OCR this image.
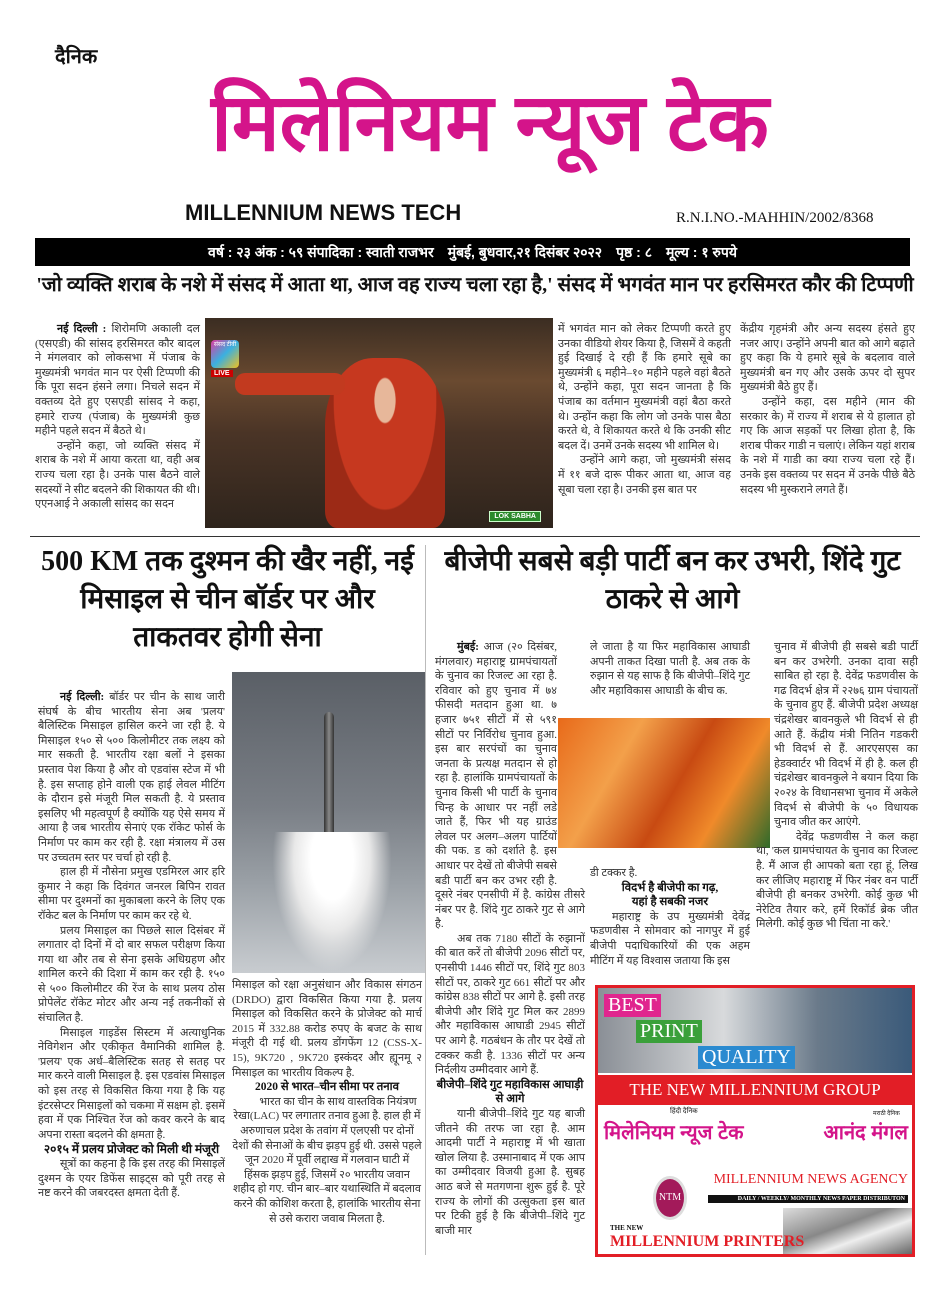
दैनिक
मिलेनियम न्यूज टेक
MILLENNIUM NEWS TECH	R.N.I.NO.-MAHHIN/2002/8368
वर्ष : २३ अंक : ५९ संपादिका : स्वाती राजभर मुंबई, बुधवार,२१ दिसंबर २०२२ पृष्ठ : ८ मूल्य : १ रुपये
'जो व्यक्ति शराब के नशे में संसद में आता था, आज वह राज्य चला रहा है,' संसद में भगवंत मान पर हरसिमरत कौर की टिप्पणी

नई दिल्ली : शिरोमणि अकाली दल (एसएडी) की सांसद हरसिमरत कौर बादल ने मंगलवार को लोकसभा में पंजाब के मुख्यमंत्री भगवंत मान पर ऐसी टिप्पणी की कि पूरा सदन हंसने लगा। निचले सदन में वक्तव्य देते हुए एसएडी सांसद ने कहा, हमारे राज्य (पंजाब) के मुख्यमंत्री कुछ महीने पहले सदन में बैठते थे।

उन्होंने कहा, जो व्यक्ति संसद में शराब के नशे में आया करता था, वही अब राज्य चला रहा है। उनके पास बैठने वाले सदस्यों ने सीट बदलने की शिकायत की थी। एएनआई ने अकाली सांसद का सदन

संसद टीवी
LIVE
LOK SABHA

में भगवंत मान को लेकर टिप्पणी करते हुए उनका वीडियो शेयर किया है, जिसमें वे कहती हुई दिखाई दे रही हैं कि हमारे सूबे का मुख्यमंत्री ६ महीने–१० महीने पहले वहां बैठते थे, उन्होंने कहा, पूरा सदन जानता है कि पंजाब का वर्तमान मुख्यमंत्री वहां बैठा करते थे। उन्होंन कहा कि लोग जो उनके पास बैठा करते थे, वे शिकायत करते थे कि उनकी सीट बदल दें। उनमें उनके सदस्य भी शामिल थे।

उन्होंने आगे कहा, जो मुख्यमंत्री संसद में ११ बजे दारू पीकर आता था, आज वह सूबा चला रहा है। उनकी इस बात पर

केंद्रीय गृहमंत्री और अन्य सदस्य हंसते हुए नजर आए। उन्होंने अपनी बात को आगे बढ़ाते हुए कहा कि ये हमारे सूबे के बदलाव वाले मुख्यमंत्री बन गए और उसके ऊपर दो सुपर मुख्यमंत्री बैठे हुए हैं।

उन्होंने कहा, दस महीने (मान की सरकार के) में राज्य में शराब से ये हालात हो गए कि आज सड़कों पर लिखा होता है, कि शराब पीकर गाडी न चलाएं। लेकिन यहां शराब के नशे में गाडी का क्या राज्य चला रहे हैं। उनके इस वक्तव्य पर सदन में उनके पीछे बैठे सदस्य भी मुस्कराने लगते हैं।

500 KM तक दुश्मन की खैर नहीं, नई मिसाइल से चीन बॉर्डर पर और ताकतवर होगी सेना

नई दिल्ली: बॉर्डर पर चीन के साथ जारी संघर्ष के बीच भारतीय सेना अब 'प्रलय' बैलिस्टिक मिसाइल हासिल करने जा रही है. ये मिसाइल १५० से ५०० किलोमीटर तक लक्ष्य को मार सकती है. भारतीय रक्षा बलों ने इसका प्रस्ताव पेश किया है और वो एडवांस स्टेज में भी है. इस सप्ताह होने वाली एक हाई लेवल मीटिंग के दौरान इसे मंजूरी मिल सकती है. ये प्रस्ताव इसलिए भी महत्वपूर्ण है क्योंकि यह ऐसे समय में आया है जब भारतीय सेनाएं एक रॉकेट फोर्स के निर्माण पर काम कर रही है. रक्षा मंत्रालय में उस पर उच्चतम स्तर पर चर्चा हो रही है.

हाल ही में नौसेना प्रमुख एडमिरल आर हरि कुमार ने कहा कि दिवंगत जनरल बिपिन रावत सीमा पर दुश्मनों का मुकाबला करने के लिए एक रॉकेट बल के निर्माण पर काम कर रहे थे.

प्रलय मिसाइल का पिछले साल दिसंबर में लगातार दो दिनों में दो बार सफल परीक्षण किया गया था और तब से सेना इसके अधिग्रहण और शामिल करने की दिशा में काम कर रही है. १५० से ५०० किलोमीटर की रेंज के साथ प्रलय ठोस प्रोपेलेंट रॉकेट मोटर और अन्य नई तकनीकों से संचालित है.

मिसाइल गाइडेंस सिस्टम में अत्याधुनिक नेविगेशन और एकीकृत वैमानिकी शामिल है. 'प्रलय' एक अर्ध–बैलिस्टिक सतह से सतह पर मार करने वाली मिसाइल है. इस एडवांस मिसाइल को इस तरह से विकसित किया गया है कि यह इंटरसेप्टर मिसाइलों को चकमा में सक्षम हो. इसमें हवा में एक निश्चित रेंज को कवर करने के बाद अपना रास्ता बदलने की क्षमता है.

२०१५ में प्रलय प्रोजेक्ट को मिली थी मंजूरी

सूत्रों का कहना है कि इस तरह की मिसाइलें दुश्मन के एयर डिफेंस साइट्स को पूरी तरह से नष्ट करने की जबरदस्त क्षमता देती हैं.

मिसाइल को रक्षा अनुसंधान और विकास संगठन (DRDO) द्वारा विकसित किया गया है. प्रलय मिसाइल को विकसित करने के प्रोजेक्ट को मार्च 2015 में 332.88 करोड रुपए के बजट के साथ मंजूरी दी गई थी. प्रलय डोंगफेंग 12 (CSS-X-15), 9K720 , 9K720 इस्कंदर और ह्यूनमू २ मिसाइल का भारतीय विकल्प है.

2020 से भारत–चीन सीमा पर तनाव

भारत का चीन के साथ वास्तविक नियंत्रण रेखा(LAC) पर लगातार तनाव हुआ है. हाल ही में अरुणाचल प्रदेश के तवांग में एलएसी पर दोनों देशों की सेनाओं के बीच झड़प हुई थी. उससे पहले जून 2020 में पूर्वी लद्दाख में गलवान घाटी में हिंसक झड़प हुई, जिसमें २० भारतीय जवान शहीद हो गए. चीन बार–बार यथास्थिति में बदलाव करने की कोशिश करता है, हालांकि भारतीय सेना से उसे करारा जवाब मिलता है.

बीजेपी सबसे बड़ी पार्टी बन कर उभरी, शिंदे गुट ठाकरे से आगे

मुंबई: आज (२० दिसंबर, मंगलवार) महाराष्ट्र ग्रामपंचायतों के चुनाव का रिजल्ट आ रहा है. रविवार को हुए चुनाव में ७४ फीसदी मतदान हुआ था. ७ हजार ७५१ सीटों में से ५९१ सीटों पर निर्विरोध चुनाव हुआ. इस बार सरपंचों का चुनाव जनता के प्रत्यक्ष मतदान से हो रहा है. हालांकि ग्रामपंचायतों के चुनाव किसी भी पार्टी के चुनाव चिन्ह के आधार पर नहीं लडे जाते हैं, फिर भी यह ग्राउंड लेवल पर अलग–अलग पार्टियों की पक. ड को दर्शाते है. इस आधार पर देखें तो बीजेपी सबसे बडी पार्टी बन कर उभर रही है. दूसरे नंबर एनसीपी में है. कांग्रेस तीसरे नंबर पर है. शिंदे गुट ठाकरे गुट से आगे है.

अब तक 7180 सीटों के रुझानों की बात करें तो बीजेपी 2096 सीटों पर, एनसीपी 1446 सीटों पर, शिंदे गुट 803 सीटों पर, ठाकरे गुट 661 सीटों पर और कांग्रेस 838 सीटों पर आगे है. इसी तरह बीजेपी और शिंदे गुट मिल कर 2899 और महाविकास आघाडी 2945 सीटों पर आगे है. गठबंधन के तौर पर देखें तो टक्कर कडी है. 1336 सीटों पर अन्य निर्दलीय उम्मीदवार आगे हैं.

बीजेपी–शिंदे गुट महाविकास आघाड़ी से आगे

यानी बीजेपी–शिंदे गुट यह बाजी जीतने की तरफ जा रहा है. आम आदमी पार्टी ने महाराष्ट्र में भी खाता खोल लिया है. उस्मानाबाद में एक आप का उम्मीदवार विजयी हुआ है. सुबह आठ बजे से मतगणना शुरू हुई है. पूरे राज्य के लोगों की उत्सुकता इस बात पर टिकी हुई है कि बीजेपी–शिंदे गुट बाजी मार

ले जाता है या फिर महाविकास आघाडी अपनी ताकत दिखा पाती है. अब तक के रुझान से यह साफ है कि बीजेपी–शिंदे गुट और महाविकास आघाडी के बीच क.

डी टक्कर है.

विदर्भ है बीजेपी का गढ़,

यहां है सबकी नजर

महाराष्ट्र के उप मुख्यमंत्री देवेंद्र फडणवीस ने सोमवार को नागपुर में हुई बीजेपी पदाधिकारियों की एक अहम मीटिंग में यह विश्वास जताया कि इस

चुनाव में बीजेपी ही सबसे बडी पार्टी बन कर उभरेगी. उनका दावा सही साबित हो रहा है. देवेंद्र फडणवीस के गढ विदर्भ क्षेत्र में २२७६ ग्राम पंचायतों के चुनाव हुए हैं. बीजेपी प्रदेश अध्यक्ष चंद्रशेखर बावनकुले भी विदर्भ से ही आते हैं. केंद्रीय मंत्री नितिन गडकरी भी विदर्भ से हैं. आरएसएस का हेडक्वार्टर भी विदर्भ में ही है. कल ही चंद्रशेखर बावनकुले ने बयान दिया कि २०२४ के विधानसभा चुनाव में अकेले विदर्भ से बीजेपी के ५० विधायक चुनाव जीत कर आएंगे.

देवेंद्र फडणवीस ने कल कहा था, 'कल ग्रामपंचायत के चुनाव का रिजल्ट है. मैं आज ही आपको बता रहा हूं, लिख कर लीजिए महाराष्ट्र में फिर नंबर वन पार्टी बीजेपी ही बनकर उभरेगी. कोई कुछ भी नेरेटिव तैयार करे, हमें रिकॉर्ड ब्रेक जीत मिलेगी. कोई कुछ भी चिंता ना करे.'

BEST
PRINT
QUALITY
THE NEW MILLENNIUM GROUP
हिंदी दैनिक
मिलेनियम न्यूज टेक
मराठी दैनिक
आनंद मंगल
NTM
MILLENNIUM NEWS AGENCY
DAILY / WEEKLY/ MONTHLY NEWS PAPER DISTRIBUTON
THE NEW
MILLENNIUM PRINTERS
